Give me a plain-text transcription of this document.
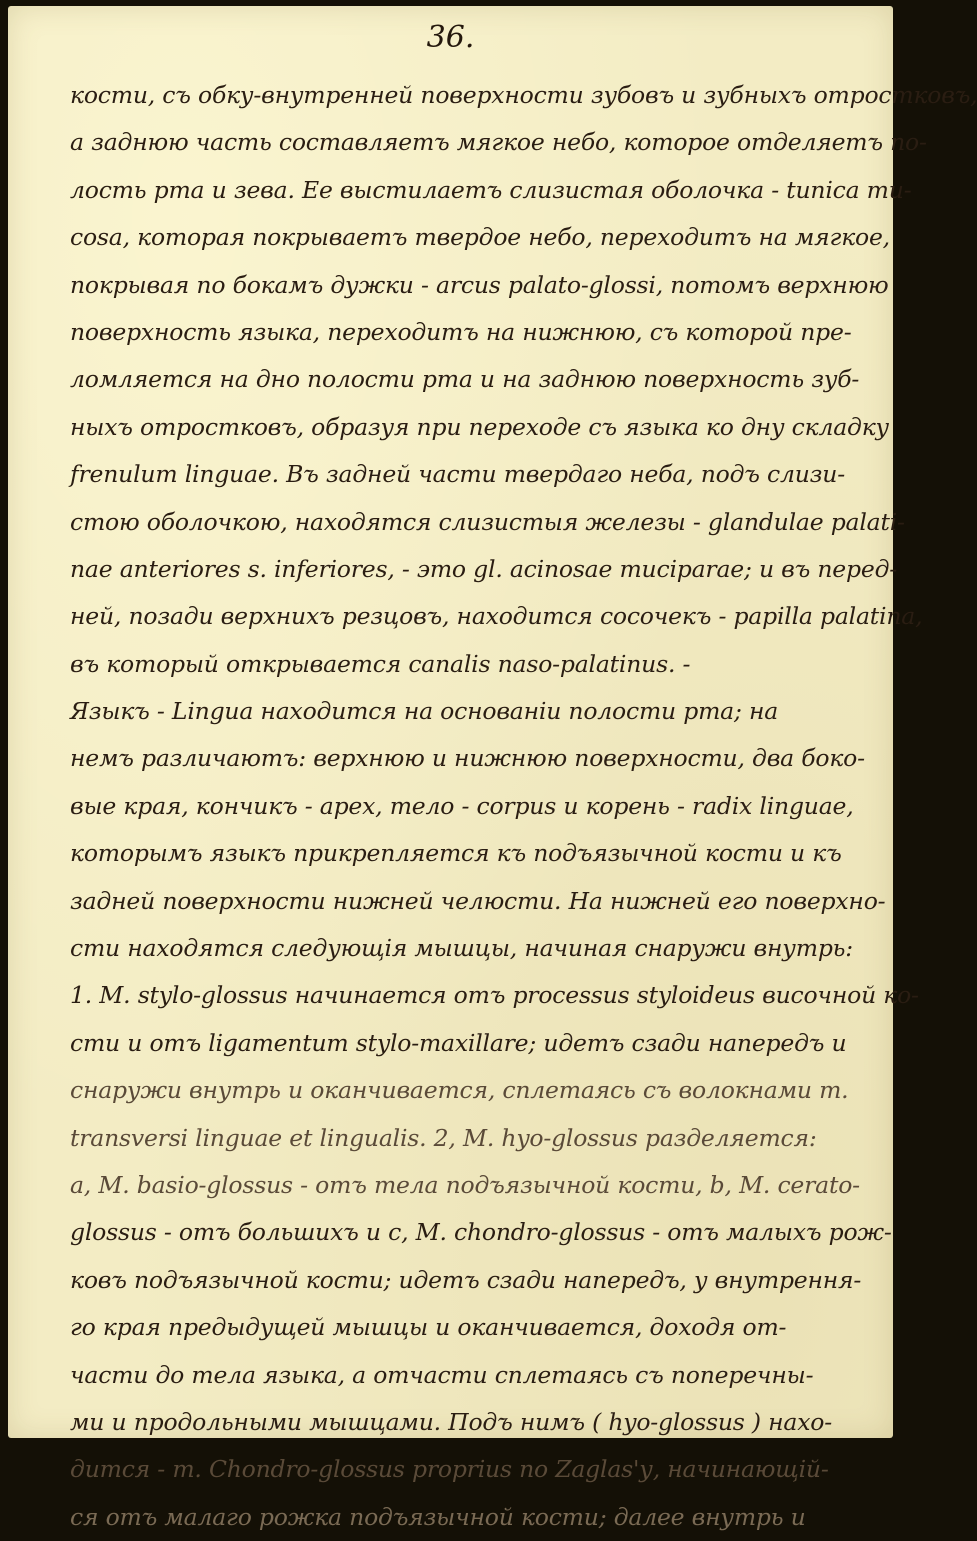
36.
кости, съ обку-внутренней поверхности зубовъ и зубныхъ отростковъ,
а заднюю часть составляетъ мягкое небо, которое отделяетъ по-
лость рта и зева. Ее выстилаетъ слизистая оболочка - tunica mu-
cosa, которая покрываетъ твердое небо, переходитъ на мягкое,
покрывая по бокамъ дужки - arcus palato-glossi, потомъ верхнюю
поверхность языка, переходитъ на нижнюю, съ которой пре-
ломляется на дно полости рта и на заднюю поверхность зуб-
ныхъ отростковъ, образуя при переходе съ языка ко дну складку
frenulum linguae. Въ задней части твердаго неба, подъ слизи-
стою оболочкою, находятся слизистыя железы - glandulae palati-
nae anteriores s. inferiores, - это gl. acinosae muciparae; и въ перед-
ней, позади верхнихъ резцовъ, находится сосочекъ - papilla palatina,
въ который открывается canalis naso-palatinus. -
Языкъ - Lingua находится на основаніи полости рта; на
немъ различаютъ: верхнюю и нижнюю поверхности, два боко-
вые края, кончикъ - apex, тело - corpus и корень - radix linguae,
которымъ языкъ прикрепляется къ подъязычной кости и къ
задней поверхности нижней челюсти. На нижней его поверхно-
сти находятся следующія мышцы, начиная снаружи внутрь:
1. M. stylo-glossus начинается отъ processus styloideus височной ко-
сти и отъ ligamentum stylo-maxillare; идетъ сзади напередъ и
снаружи внутрь и оканчивается, сплетаясь съ волокнами m.
transversi linguae et lingualis. 2, M. hyo-glossus разделяется:
a, M. basio-glossus - отъ тела подъязычной кости, b, M. cerato-
glossus - отъ большихъ и c, M. chondro-glossus - отъ малыхъ рож-
ковъ подъязычной кости; идетъ сзади напередъ, у внутрення-
го края предыдущей мышцы и оканчивается, доходя от-
части до тела языка, а отчасти сплетаясь съ поперечны-
ми и продольными мышцами. Подъ нимъ ( hyo-glossus ) нахо-
дится - m. Chondro-glossus proprius по Zaglas'у, начинающій-
ся отъ малаго рожка подъязычной кости; далее внутрь и
